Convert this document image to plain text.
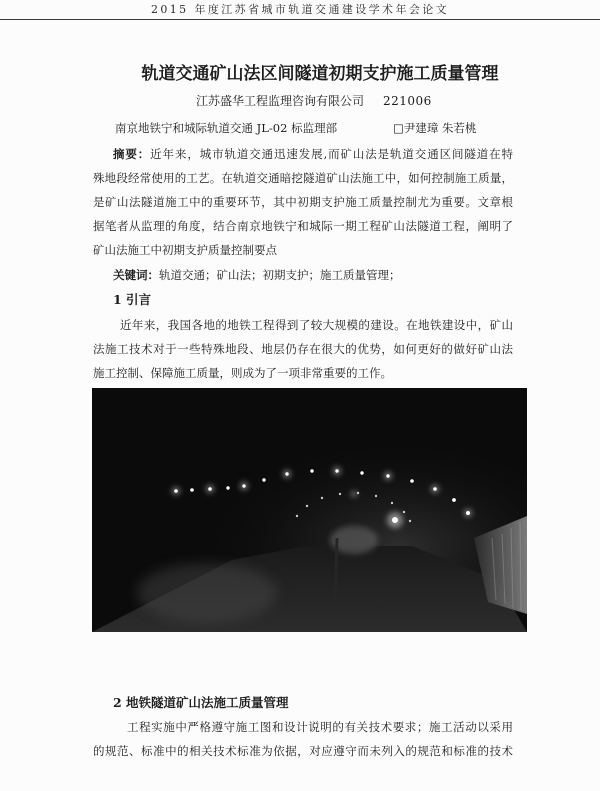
2015 年度江苏省城市轨道交通建设学术年会论文
轨道交通矿山法区间隧道初期支护施工质量管理
江苏盛华工程监理咨询有限公司 221006
南京地铁宁和城际轨道交通 JL-02 标监理部	□尹建璋 朱若桃
摘要：近年来，城市轨道交通迅速发展,而矿山法是轨道交通区间隧道在特
殊地段经常使用的工艺。在轨道交通暗挖隧道矿山法施工中，如何控制施工质量，
是矿山法隧道施工中的重要环节，其中初期支护施工质量控制尤为重要。文章根
据笔者从监理的角度，结合南京地铁宁和城际一期工程矿山法隧道工程，阐明了
矿山法施工中初期支护质量控制要点
关键词：轨道交通；矿山法；初期支护；施工质量管理；
1 引言
近年来，我国各地的地铁工程得到了较大规模的建设。在地铁建设中，矿山
法施工技术对于一些特殊地段、地层仍存在很大的优势，如何更好的做好矿山法
施工控制、保障施工质量，则成为了一项非常重要的工作。
2 地铁隧道矿山法施工质量管理
工程实施中严格遵守施工图和设计说明的有关技术要求；施工活动以采用
的规范、标准中的相关技术标准为依据，对应遵守而未列入的规范和标准的技术
